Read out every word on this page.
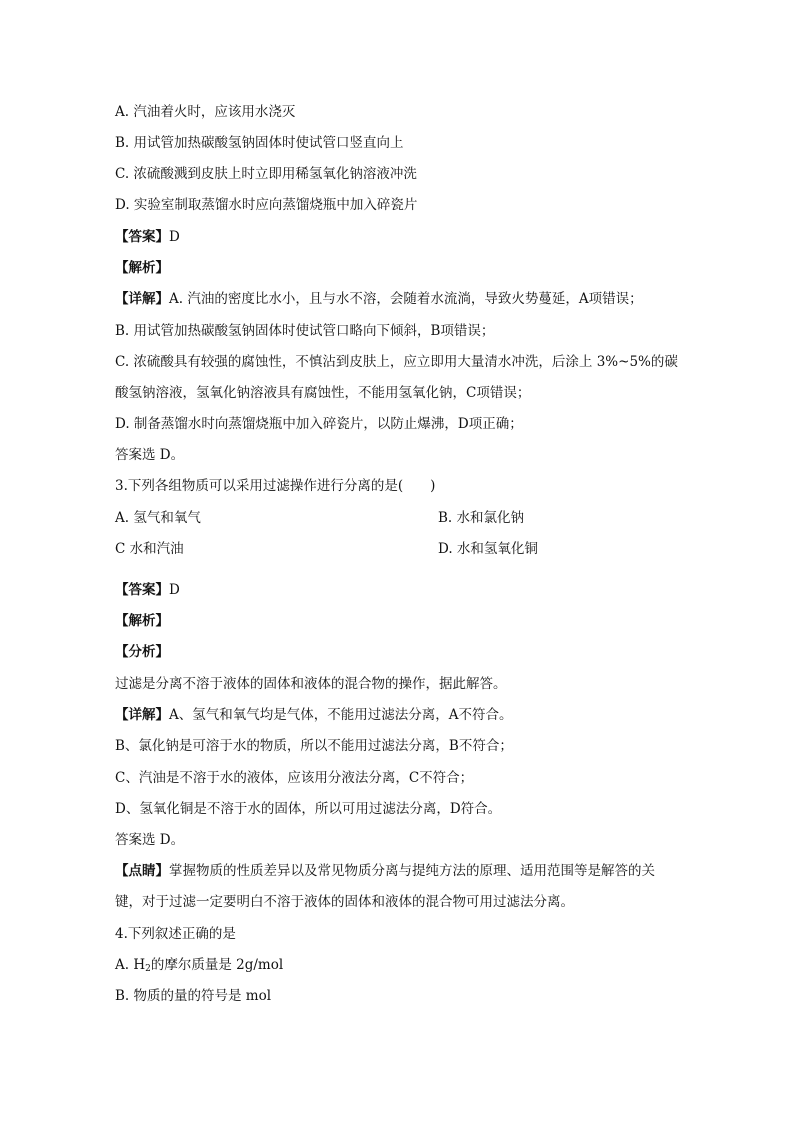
A. 汽油着火时，应该用水浇灭
B. 用试管加热碳酸氢钠固体时使试管口竖直向上
C. 浓硫酸溅到皮肤上时立即用稀氢氧化钠溶液冲洗
D. 实验室制取蒸馏水时应向蒸馏烧瓶中加入碎瓷片
【答案】D
【解析】
【详解】A. 汽油的密度比水小，且与水不溶，会随着水流淌，导致火势蔓延，A项错误；
B. 用试管加热碳酸氢钠固体时使试管口略向下倾斜，B项错误；
C. 浓硫酸具有较强的腐蚀性，不慎沾到皮肤上，应立即用大量清水冲洗，后涂上 3%~5%的碳
酸氢钠溶液，氢氧化钠溶液具有腐蚀性，不能用氢氧化钠，C项错误；
D. 制备蒸馏水时向蒸馏烧瓶中加入碎瓷片，以防止爆沸，D项正确；
答案选 D。
3.下列各组物质可以采用过滤操作进行分离的是(　　)
A. 氢气和氧气	B. 水和氯化钠
C 水和汽油	D. 水和氢氧化铜
【答案】D
【解析】
【分析】
过滤是分离不溶于液体的固体和液体的混合物的操作，据此解答。
【详解】A、氢气和氧气均是气体，不能用过滤法分离，A不符合。
B、氯化钠是可溶于水的物质，所以不能用过滤法分离，B不符合；
C、汽油是不溶于水的液体，应该用分液法分离，C不符合；
D、氢氧化铜是不溶于水的固体，所以可用过滤法分离，D符合。
答案选 D。
【点睛】掌握物质的性质差异以及常见物质分离与提纯方法的原理、适用范围等是解答的关
键，对于过滤一定要明白不溶于液体的固体和液体的混合物可用过滤法分离。
4.下列叙述正确的是
A. $H_2$的摩尔质量是 2g/mol
B. 物质的量的符号是 mol
